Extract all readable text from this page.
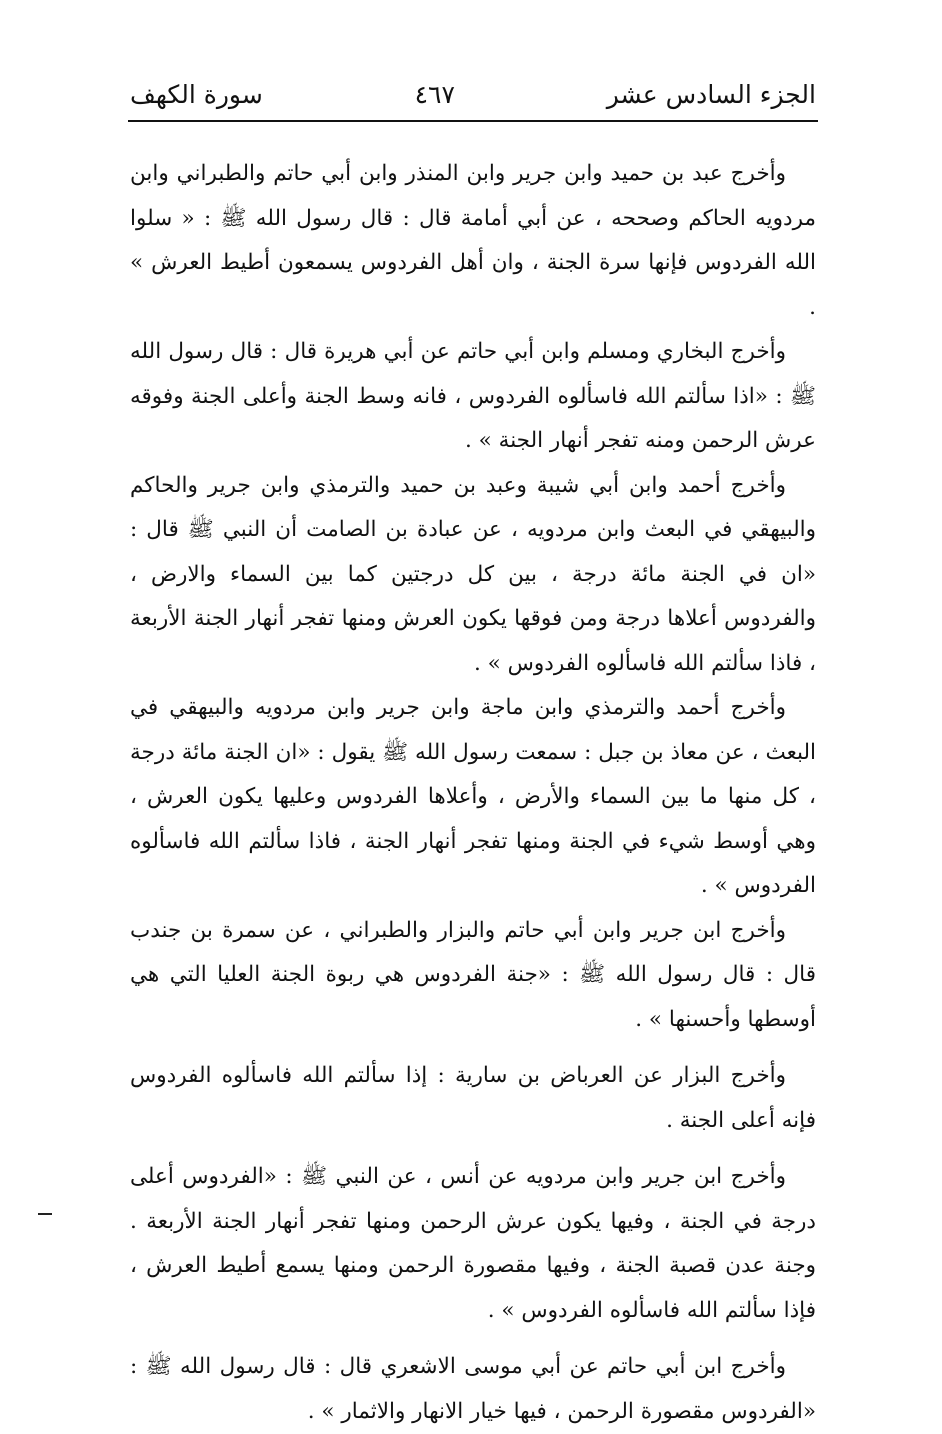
الجزء السادس عشر
٤٦٧
سورة الكهف

وأخرج عبد بن حميد وابن جرير وابن المنذر وابن أبي حاتم والطبراني وابن مردويه الحاكم وصححه ، عن أبي أمامة قال : قال رسول الله ﷺ : « سلوا الله الفردوس فإنها سرة الجنة ، وان أهل الفردوس يسمعون أطيط العرش » .

وأخرج البخاري ومسلم وابن أبي حاتم عن أبي هريرة قال : قال رسول الله ﷺ : «اذا سألتم الله فاسألوه الفردوس ، فانه وسط الجنة وأعلى الجنة وفوقه عرش الرحمن ومنه تفجر أنهار الجنة » .

وأخرج أحمد وابن أبي شيبة وعبد بن حميد والترمذي وابن جرير والحاكم والبيهقي في البعث وابن مردويه ، عن عبادة بن الصامت أن النبي ﷺ قال : «ان في الجنة مائة درجة ، بين كل درجتين كما بين السماء والارض ، والفردوس أعلاها درجة ومن فوقها يكون العرش ومنها تفجر أنهار الجنة الأربعة ، فاذا سألتم الله فاسألوه الفردوس » .

وأخرج أحمد والترمذي وابن ماجة وابن جرير وابن مردويه والبيهقي في البعث ، عن معاذ بن جبل : سمعت رسول الله ﷺ يقول : «ان الجنة مائة درجة ، كل منها ما بين السماء والأرض ، وأعلاها الفردوس وعليها يكون العرش ، وهي أوسط شيء في الجنة ومنها تفجر أنهار الجنة ، فاذا سألتم الله فاسألوه الفردوس » .

وأخرج ابن جرير وابن أبي حاتم والبزار والطبراني ، عن سمرة بن جندب قال : قال رسول الله ﷺ : «جنة الفردوس هي ربوة الجنة العليا التي هي أوسطها وأحسنها » .

وأخرج البزار عن العرباض بن سارية : إذا سألتم الله فاسألوه الفردوس فإنه أعلى الجنة .

وأخرج ابن جرير وابن مردويه عن أنس ، عن النبي ﷺ : «الفردوس أعلى درجة في الجنة ، وفيها يكون عرش الرحمن ومنها تفجر أنهار الجنة الأربعة . وجنة عدن قصبة الجنة ، وفيها مقصورة الرحمن ومنها يسمع أطيط العرش ، فإذا سألتم الله فاسألوه الفردوس » .

وأخرج ابن أبي حاتم عن أبي موسى الاشعري قال : قال رسول الله ﷺ : «الفردوس مقصورة الرحمن ، فيها خيار الانهار والاثمار » .
